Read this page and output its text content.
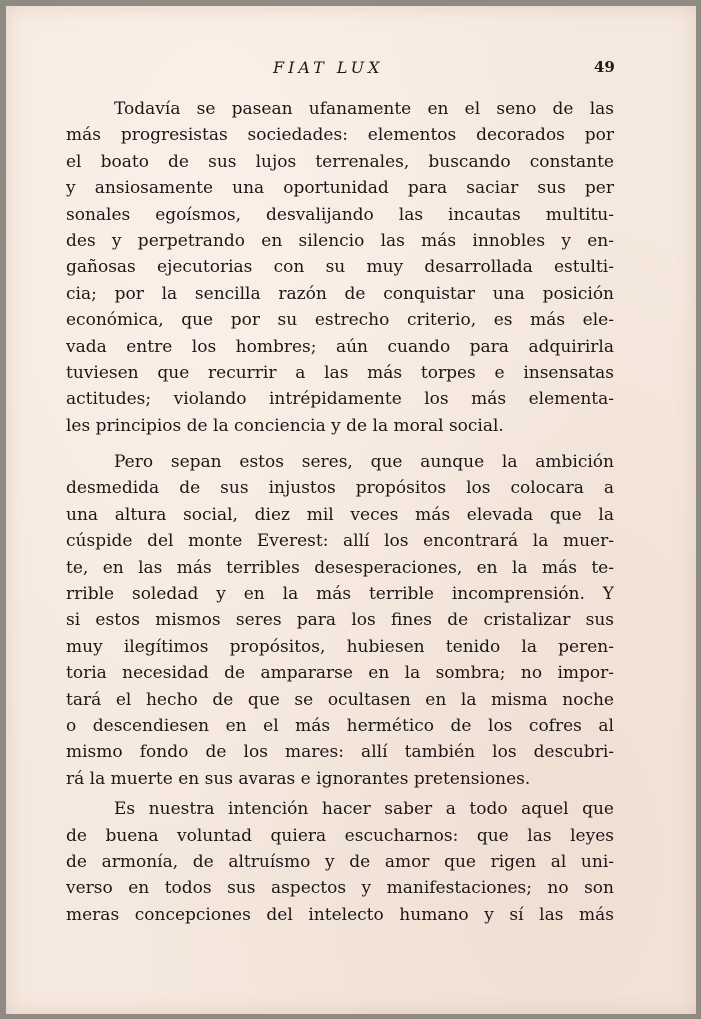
FIAT LUX	49
Todavía se pasean ufanamente en el seno de las
más progresistas sociedades: elementos decorados por
el boato de sus lujos terrenales, buscando constante
y ansiosamente una oportunidad para saciar sus per
sonales egoísmos, desvalijando las incautas multitu-
des y perpetrando en silencio las más innobles y en-
gañosas ejecutorias con su muy desarrollada estulti-
cia; por la sencilla razón de conquistar una posición
económica, que por su estrecho criterio, es más ele-
vada entre los hombres; aún cuando para adquirirla
tuviesen que recurrir a las más torpes e insensatas
actitudes; violando intrépidamente los más elementa-
les principios de la conciencia y de la moral social.
Pero sepan estos seres, que aunque la ambición
desmedida de sus injustos propósitos los colocara a
una altura social, diez mil veces más elevada que la
cúspide del monte Everest: allí los encontrará la muer-
te, en las más terribles desesperaciones, en la más te-
rrible soledad y en la más terrible incomprensión. Y
si estos mismos seres para los fines de cristalizar sus
muy ilegítimos propósitos, hubiesen tenido la peren-
toria necesidad de ampararse en la sombra; no impor-
tará el hecho de que se ocultasen en la misma noche
o descendiesen en el más hermético de los cofres al
mismo fondo de los mares: allí también los descubri-
rá la muerte en sus avaras e ignorantes pretensiones.
Es nuestra intención hacer saber a todo aquel que
de buena voluntad quiera escucharnos: que las leyes
de armonía, de altruísmo y de amor que rigen al uni-
verso en todos sus aspectos y manifestaciones; no son
meras concepciones del intelecto humano y sí las más
